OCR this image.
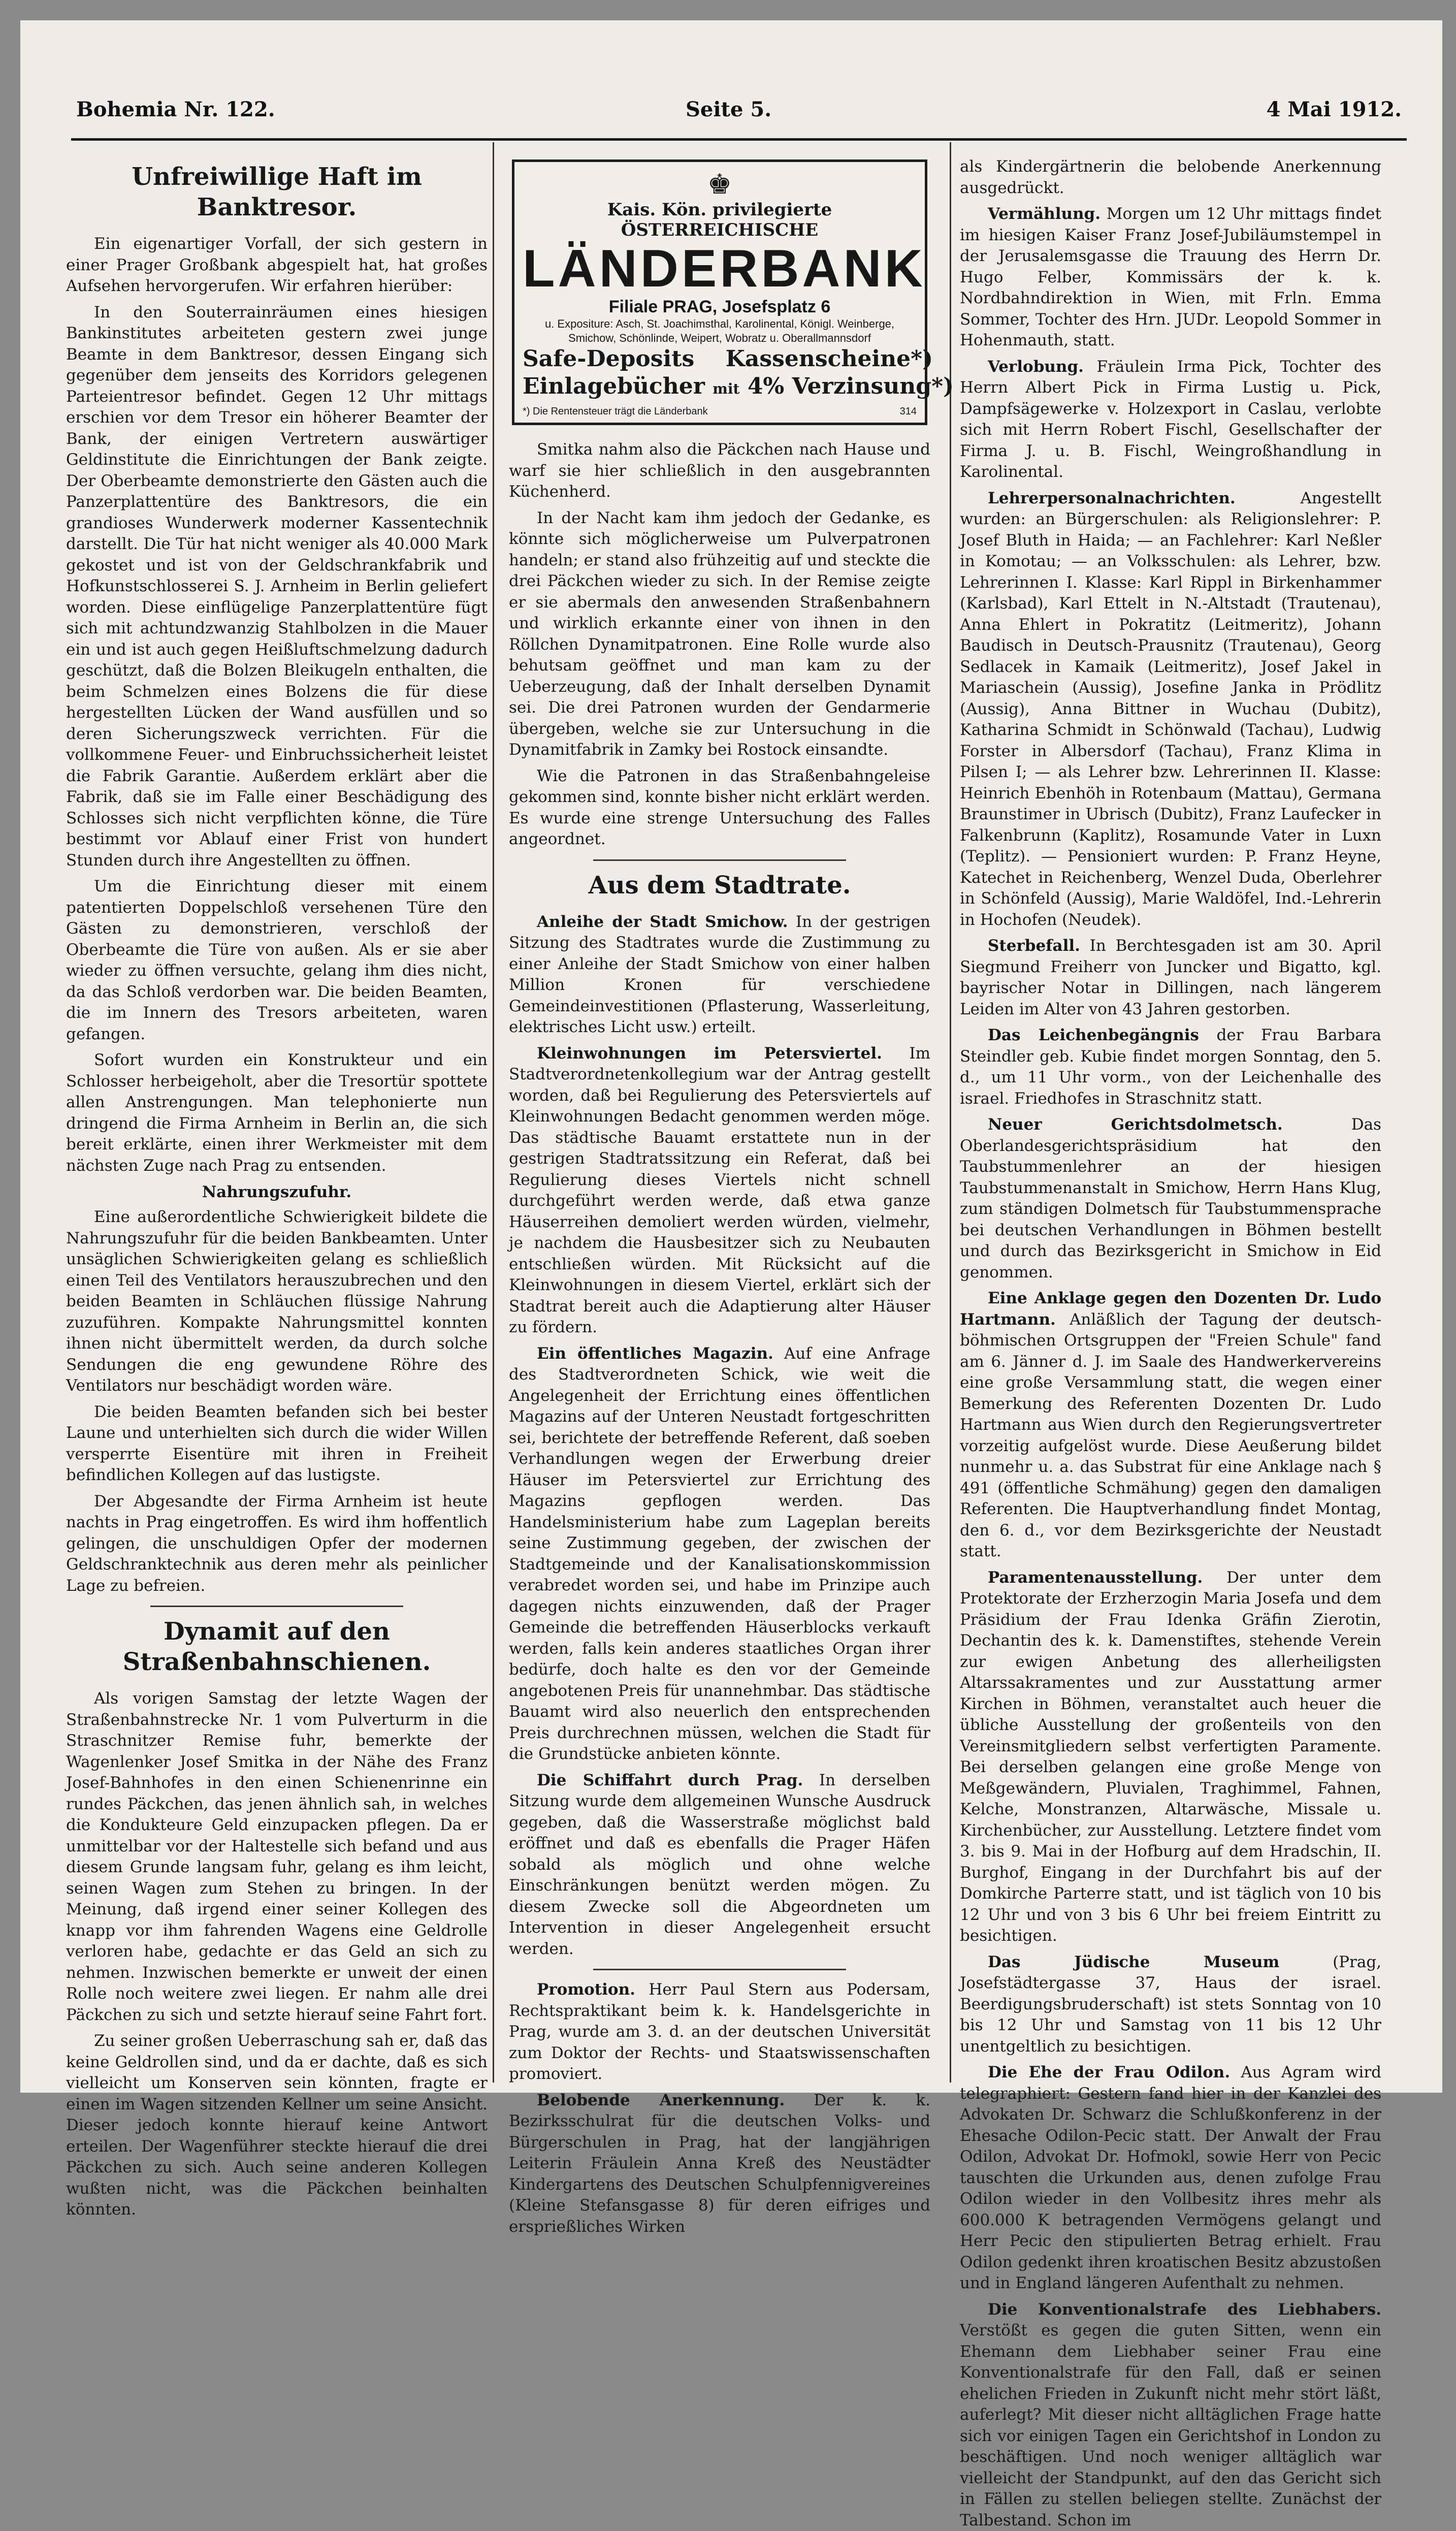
Bohemia Nr. 122.	Seite 5.	4 Mai 1912.
Unfreiwillige Haft im Banktresor.

Ein eigenartiger Vorfall, der sich gestern in einer Prager Großbank abgespielt hat, hat großes Aufsehen hervorgerufen. Wir erfahren hierüber:

In den Souterrainräumen eines hiesigen Bankinstitutes arbeiteten gestern zwei junge Beamte in dem Banktresor, dessen Eingang sich gegenüber dem jenseits des Korridors gelegenen Parteientresor befindet. Gegen 12 Uhr mittags erschien vor dem Tresor ein höherer Beamter der Bank, der einigen Vertretern auswärtiger Geldinstitute die Einrichtungen der Bank zeigte. Der Oberbeamte demonstrierte den Gästen auch die Panzerplattentüre des Banktresors, die ein grandioses Wunderwerk moderner Kassentechnik darstellt. Die Tür hat nicht weniger als 40.000 Mark gekostet und ist von der Geldschrankfabrik und Hofkunstschlosserei S. J. Arnheim in Berlin geliefert worden. Diese einflügelige Panzerplattentüre fügt sich mit achtundzwanzig Stahlbolzen in die Mauer ein und ist auch gegen Heißluftschmelzung dadurch geschützt, daß die Bolzen Bleikugeln enthalten, die beim Schmelzen eines Bolzens die für diese hergestellten Lücken der Wand ausfüllen und so deren Sicherungszweck verrichten. Für die vollkommene Feuer- und Einbruchssicherheit leistet die Fabrik Garantie. Außerdem erklärt aber die Fabrik, daß sie im Falle einer Beschädigung des Schlosses sich nicht verpflichten könne, die Türe bestimmt vor Ablauf einer Frist von hundert Stunden durch ihre Angestellten zu öffnen.

Um die Einrichtung dieser mit einem patentierten Doppelschloß versehenen Türe den Gästen zu demonstrieren, verschloß der Oberbeamte die Türe von außen. Als er sie aber wieder zu öffnen versuchte, gelang ihm dies nicht, da das Schloß verdorben war. Die beiden Beamten, die im Innern des Tresors arbeiteten, waren gefangen.

Sofort wurden ein Konstrukteur und ein Schlosser herbeigeholt, aber die Tresortür spottete allen Anstrengungen. Man telephonierte nun dringend die Firma Arnheim in Berlin an, die sich bereit erklärte, einen ihrer Werkmeister mit dem nächsten Zuge nach Prag zu entsenden.

Nahrungszufuhr.

Eine außerordentliche Schwierigkeit bildete die Nahrungszufuhr für die beiden Bankbeamten. Unter unsäglichen Schwierigkeiten gelang es schließlich einen Teil des Ventilators herauszubrechen und den beiden Beamten in Schläuchen flüssige Nahrung zuzuführen. Kompakte Nahrungsmittel konnten ihnen nicht übermittelt werden, da durch solche Sendungen die eng gewundene Röhre des Ventilators nur beschädigt worden wäre.

Die beiden Beamten befanden sich bei bester Laune und unterhielten sich durch die wider Willen versperrte Eisentüre mit ihren in Freiheit befindlichen Kollegen auf das lustigste.

Der Abgesandte der Firma Arnheim ist heute nachts in Prag eingetroffen. Es wird ihm hoffentlich gelingen, die unschuldigen Opfer der modernen Geldschranktechnik aus deren mehr als peinlicher Lage zu befreien.

Dynamit auf den Straßenbahnschienen.

Als vorigen Samstag der letzte Wagen der Straßenbahnstrecke Nr. 1 vom Pulverturm in die Straschnitzer Remise fuhr, bemerkte der Wagenlenker Josef Smitka in der Nähe des Franz Josef-Bahnhofes in den einen Schienenrinne ein rundes Päckchen, das jenen ähnlich sah, in welches die Kondukteure Geld einzupacken pflegen. Da er unmittelbar vor der Haltestelle sich befand und aus diesem Grunde langsam fuhr, gelang es ihm leicht, seinen Wagen zum Stehen zu bringen. In der Meinung, daß irgend einer seiner Kollegen des knapp vor ihm fahrenden Wagens eine Geldrolle verloren habe, gedachte er das Geld an sich zu nehmen. Inzwischen bemerkte er unweit der einen Rolle noch weitere zwei liegen. Er nahm alle drei Päckchen zu sich und setzte hierauf seine Fahrt fort.

Zu seiner großen Ueberraschung sah er, daß das keine Geldrollen sind, und da er dachte, daß es sich vielleicht um Konserven sein könnten, fragte er einen im Wagen sitzenden Kellner um seine Ansicht. Dieser jedoch konnte hierauf keine Antwort erteilen. Der Wagenführer steckte hierauf die drei Päckchen zu sich. Auch seine anderen Kollegen wußten nicht, was die Päckchen beinhalten könnten.

♚
Kais. Kön. privilegierte ÖSTERREICHISCHE
LÄNDERBANK
Filiale PRAG, Josefsplatz 6
u. Expositure: Asch, St. Joachimsthal, Karolinental, Königl. Weinberge, Smichow, Schönlinde, Weipert, Wobratz u. Oberallmannsdorf
Safe-Deposits Kassenscheine*)
Einlagebücher mit 4% Verzinsung*)
*) Die Rentensteuer trägt die Länderbank	314

Smitka nahm also die Päckchen nach Hause und warf sie hier schließlich in den ausgebrannten Küchenherd.

In der Nacht kam ihm jedoch der Gedanke, es könnte sich möglicherweise um Pulverpatronen handeln; er stand also frühzeitig auf und steckte die drei Päckchen wieder zu sich. In der Remise zeigte er sie abermals den anwesenden Straßenbahnern und wirklich erkannte einer von ihnen in den Röllchen Dynamitpatronen. Eine Rolle wurde also behutsam geöffnet und man kam zu der Ueberzeugung, daß der Inhalt derselben Dynamit sei. Die drei Patronen wurden der Gendarmerie übergeben, welche sie zur Untersuchung in die Dynamitfabrik in Zamky bei Rostock einsandte.

Wie die Patronen in das Straßenbahngeleise gekommen sind, konnte bisher nicht erklärt werden. Es wurde eine strenge Untersuchung des Falles angeordnet.

Aus dem Stadtrate.

Anleihe der Stadt Smichow. In der gestrigen Sitzung des Stadtrates wurde die Zustimmung zu einer Anleihe der Stadt Smichow von einer halben Million Kronen für verschiedene Gemeindeinvestitionen (Pflasterung, Wasserleitung, elektrisches Licht usw.) erteilt.

Kleinwohnungen im Petersviertel. Im Stadtverordnetenkollegium war der Antrag gestellt worden, daß bei Regulierung des Petersviertels auf Kleinwohnungen Bedacht genommen werden möge. Das städtische Bauamt erstattete nun in der gestrigen Stadtratssitzung ein Referat, daß bei Regulierung dieses Viertels nicht schnell durchgeführt werden werde, daß etwa ganze Häuserreihen demoliert werden würden, vielmehr, je nachdem die Hausbesitzer sich zu Neubauten entschließen würden. Mit Rücksicht auf die Kleinwohnungen in diesem Viertel, erklärt sich der Stadtrat bereit auch die Adaptierung alter Häuser zu fördern.

Ein öffentliches Magazin. Auf eine Anfrage des Stadtverordneten Schick, wie weit die Angelegenheit der Errichtung eines öffentlichen Magazins auf der Unteren Neustadt fortgeschritten sei, berichtete der betreffende Referent, daß soeben Verhandlungen wegen der Erwerbung dreier Häuser im Petersviertel zur Errichtung des Magazins gepflogen werden. Das Handelsministerium habe zum Lageplan bereits seine Zustimmung gegeben, der zwischen der Stadtgemeinde und der Kanalisationskommission verabredet worden sei, und habe im Prinzipe auch dagegen nichts einzuwenden, daß der Prager Gemeinde die betreffenden Häuserblocks verkauft werden, falls kein anderes staatliches Organ ihrer bedürfe, doch halte es den vor der Gemeinde angebotenen Preis für unannehmbar. Das städtische Bauamt wird also neuerlich den entsprechenden Preis durchrechnen müssen, welchen die Stadt für die Grundstücke anbieten könnte.

Die Schiffahrt durch Prag. In derselben Sitzung wurde dem allgemeinen Wunsche Ausdruck gegeben, daß die Wasserstraße möglichst bald eröffnet und daß es ebenfalls die Prager Häfen sobald als möglich und ohne welche Einschränkungen benützt werden mögen. Zu diesem Zwecke soll die Abgeordneten um Intervention in dieser Angelegenheit ersucht werden.

Promotion. Herr Paul Stern aus Podersam, Rechtspraktikant beim k. k. Handelsgerichte in Prag, wurde am 3. d. an der deutschen Universität zum Doktor der Rechts- und Staatswissenschaften promoviert.

Belobende Anerkennung. Der k. k. Bezirksschulrat für die deutschen Volks- und Bürgerschulen in Prag, hat der langjährigen Leiterin Fräulein Anna Kreß des Neustädter Kindergartens des Deutschen Schulpfennigvereines (Kleine Stefansgasse 8) für deren eifriges und ersprießliches Wirken

als Kindergärtnerin die belobende Anerkennung ausgedrückt.

Vermählung. Morgen um 12 Uhr mittags findet im hiesigen Kaiser Franz Josef-Jubiläumstempel in der Jerusalemsgasse die Trauung des Herrn Dr. Hugo Felber, Kommissärs der k. k. Nordbahndirektion in Wien, mit Frln. Emma Sommer, Tochter des Hrn. JUDr. Leopold Sommer in Hohenmauth, statt.

Verlobung. Fräulein Irma Pick, Tochter des Herrn Albert Pick in Firma Lustig u. Pick, Dampfsägewerke v. Holzexport in Caslau, verlobte sich mit Herrn Robert Fischl, Gesellschafter der Firma J. u. B. Fischl, Weingroßhandlung in Karolinental.

Lehrerpersonalnachrichten.	Angestellt wurden: an Bürgerschulen: als Religionslehrer: P. Josef Bluth in Haida; — an Fachlehrer: Karl Neßler in Komotau; — an Volksschulen: als Lehrer, bzw. Lehrerinnen I. Klasse: Karl Rippl in Birkenhammer (Karlsbad), Karl Ettelt in N.-Altstadt (Trautenau), Anna Ehlert in Pokratitz (Leitmeritz), Johann Baudisch in Deutsch-Prausnitz (Trautenau), Georg Sedlacek in Kamaik (Leitmeritz), Josef Jakel in Mariaschein (Aussig), Josefine Janka in Prödlitz (Aussig), Anna Bittner in Wuchau (Dubitz), Katharina Schmidt in Schönwald (Tachau), Ludwig Forster in Albersdorf (Tachau), Franz Klima in Pilsen I; — als Lehrer bzw. Lehrerinnen II. Klasse: Heinrich Ebenhöh in Rotenbaum (Mattau), Germana Braunstimer in Ubrisch (Dubitz), Franz Laufecker in Falkenbrunn (Kaplitz), Rosamunde Vater in Luxn (Teplitz). — Pensioniert wurden: P. Franz Heyne, Katechet in Reichenberg, Wenzel Duda, Oberlehrer in Schönfeld (Aussig), Marie Waldöfel, Ind.-Lehrerin in Hochofen (Neudek).

Sterbefall. In Berchtesgaden ist am 30. April Siegmund Freiherr von Juncker und Bigatto, kgl. bayrischer Notar in Dillingen, nach längerem Leiden im Alter von 43 Jahren gestorben.

Das Leichenbegängnis der Frau Barbara Steindler geb. Kubie findet morgen Sonntag, den 5. d., um 11 Uhr vorm., von der Leichenhalle des israel. Friedhofes in Straschnitz statt.

Neuer Gerichtsdolmetsch.	Das Oberlandesgerichtspräsidium hat den Taubstummenlehrer an der hiesigen Taubstummenanstalt in Smichow, Herrn Hans Klug, zum ständigen Dolmetsch für Taubstummensprache bei deutschen Verhandlungen in Böhmen bestellt und durch das Bezirksgericht in Smichow in Eid genommen.

Eine Anklage gegen den Dozenten Dr. Ludo Hartmann. Anläßlich der Tagung der deutsch-böhmischen Ortsgruppen der "Freien Schule" fand am 6. Jänner d. J. im Saale des Handwerkervereins eine große Versammlung statt, die wegen einer Bemerkung des Referenten Dozenten Dr. Ludo Hartmann aus Wien durch den Regierungsvertreter vorzeitig aufgelöst wurde. Diese Aeußerung bildet nunmehr u. a. das Substrat für eine Anklage nach § 491 (öffentliche Schmähung) gegen den damaligen Referenten. Die Hauptverhandlung findet Montag, den 6. d., vor dem Bezirksgerichte der Neustadt statt.

Paramentenausstellung. Der unter dem Protektorate der Erzherzogin Maria Josefa und dem Präsidium der Frau Idenka Gräfin Zierotin, Dechantin des k. k. Damenstiftes, stehende Verein zur ewigen Anbetung des allerheiligsten Altarssakramentes und zur Ausstattung armer Kirchen in Böhmen, veranstaltet auch heuer die übliche Ausstellung der großenteils von den Vereinsmitgliedern selbst verfertigten Paramente. Bei derselben gelangen eine große Menge von Meßgewändern, Pluvialen, Traghimmel, Fahnen, Kelche, Monstranzen, Altarwäsche, Missale u. Kirchenbücher, zur Ausstellung. Letztere findet vom 3. bis 9. Mai in der Hofburg auf dem Hradschin, II. Burghof, Eingang in der Durchfahrt bis auf der Domkirche Parterre statt, und ist täglich von 10 bis 12 Uhr und von 3 bis 6 Uhr bei freiem Eintritt zu besichtigen.

Das Jüdische Museum	(Prag, Josefstädtergasse 37, Haus der israel. Beerdigungsbruderschaft) ist stets Sonntag von 10 bis 12 Uhr und Samstag von 11 bis 12 Uhr unentgeltlich zu besichtigen.

Die Ehe der Frau Odilon. Aus Agram wird telegraphiert: Gestern fand hier in der Kanzlei des Advokaten Dr. Schwarz die Schlußkonferenz in der Ehesache Odilon-Pecic statt. Der Anwalt der Frau Odilon, Advokat Dr. Hofmokl, sowie Herr von Pecic tauschten die Urkunden aus, denen zufolge Frau Odilon wieder in den Vollbesitz ihres mehr als 600.000 K betragenden Vermögens gelangt und Herr Pecic den stipulierten Betrag erhielt. Frau Odilon gedenkt ihren kroatischen Besitz abzustoßen und in England längeren Aufenthalt zu nehmen.

Die Konventionalstrafe des Liebhabers. Verstößt es gegen die guten Sitten, wenn ein Ehemann dem Liebhaber seiner Frau eine Konventionalstrafe für den Fall, daß er seinen ehelichen Frieden in Zukunft nicht mehr stört läßt, auferlegt? Mit dieser nicht alltäglichen Frage hatte sich vor einigen Tagen ein Gerichtshof in London zu beschäftigen. Und noch weniger alltäglich war vielleicht der Standpunkt, auf den das Gericht sich in Fällen zu stellen beliegen stellte. Zunächst der Talbestand. Schon im
